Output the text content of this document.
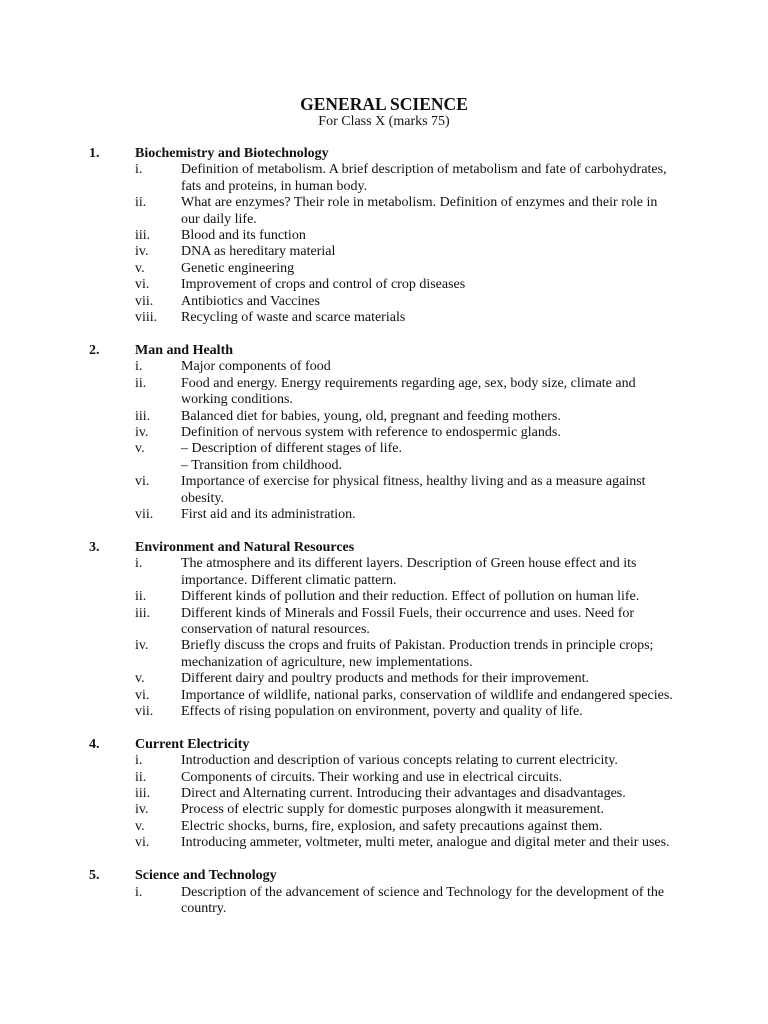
GENERAL SCIENCE
For Class X (marks 75)
1.	Biochemistry and Biotechnology
i.	Definition of metabolism. A brief description of metabolism and fate of carbohydrates, fats and proteins, in human body.
ii. What are enzymes? Their role in metabolism. Definition of enzymes and their role in our daily life.
iii. Blood and its function
iv. DNA as hereditary material
v.	Genetic engineering
vi. Improvement of crops and control of crop diseases
vii. Antibiotics and Vaccines
viii. Recycling of waste and scarce materials
2.	Man and Health
i.	Major components of food
ii. Food and energy. Energy requirements regarding age, sex, body size, climate and working conditions.
iii. Balanced diet for babies, young, old, pregnant and feeding mothers.
iv. Definition of nervous system with reference to endospermic glands.
v.	– Description of different stages of life.
– Transition from childhood.
vi. Importance of exercise for physical fitness, healthy living and as a measure against obesity.
vii. First aid and its administration.
3.	Environment and Natural Resources
i.	The atmosphere and its different layers. Description of Green house effect and its importance. Different climatic pattern.
ii. Different kinds of pollution and their reduction. Effect of pollution on human life.
iii. Different kinds of Minerals and Fossil Fuels, their occurrence and uses. Need for conservation of natural resources.
iv. Briefly discuss the crops and fruits of Pakistan. Production trends in principle crops; mechanization of agriculture, new implementations.
v.	Different dairy and poultry products and methods for their improvement.
vi. Importance of wildlife, national parks, conservation of wildlife and endangered species.
vii. Effects of rising population on environment, poverty and quality of life.
4.	Current Electricity
i.	Introduction and description of various concepts relating to current electricity.
ii. Components of circuits. Their working and use in electrical circuits.
iii. Direct and Alternating current. Introducing their advantages and disadvantages.
iv. Process of electric supply for domestic purposes alongwith it measurement.
v.	Electric shocks, burns, fire, explosion, and safety precautions against them.
vi. Introducing ammeter, voltmeter, multi meter, analogue and digital meter and their uses.
5.	Science and Technology
i.	Description of the advancement of science and Technology for the development of the country.
